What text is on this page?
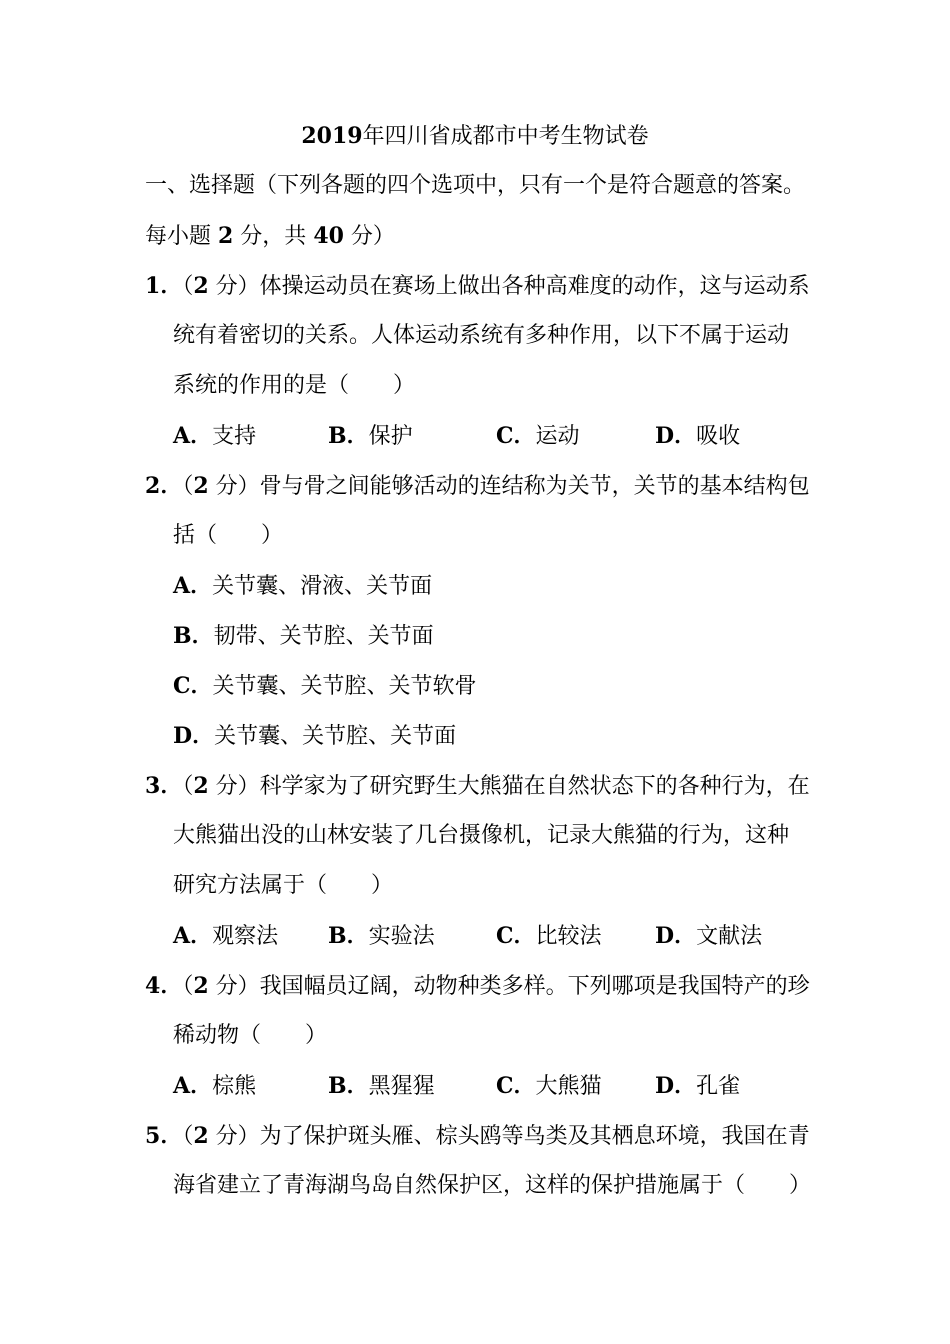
2019年四川省成都市中考生物试卷
一、选择题（下列各题的四个选项中，只有一个是符合题意的答案。
每小题 2 分，共 40 分）
1．（2 分）体操运动员在赛场上做出各种高难度的动作，这与运动系
统有着密切的关系。人体运动系统有多种作用，以下不属于运动
系统的作用的是（　　）
A．支持	B．保护	C．运动	D．吸收
2．（2 分）骨与骨之间能够活动的连结称为关节，关节的基本结构包
括（　　）
A．关节囊、滑液、关节面
B．韧带、关节腔、关节面
C．关节囊、关节腔、关节软骨
D．关节囊、关节腔、关节面
3．（2 分）科学家为了研究野生大熊猫在自然状态下的各种行为，在
大熊猫出没的山林安装了几台摄像机，记录大熊猫的行为，这种
研究方法属于（　　）
A．观察法 B．实验法	C．比较法 D．文献法
4．（2 分）我国幅员辽阔，动物种类多样。下列哪项是我国特产的珍
稀动物（　　）
A．棕熊	B．黑猩猩	C．大熊猫 D．孔雀
5．（2 分）为了保护斑头雁、棕头鸥等鸟类及其栖息环境，我国在青
海省建立了青海湖鸟岛自然保护区，这样的保护措施属于（　　）
